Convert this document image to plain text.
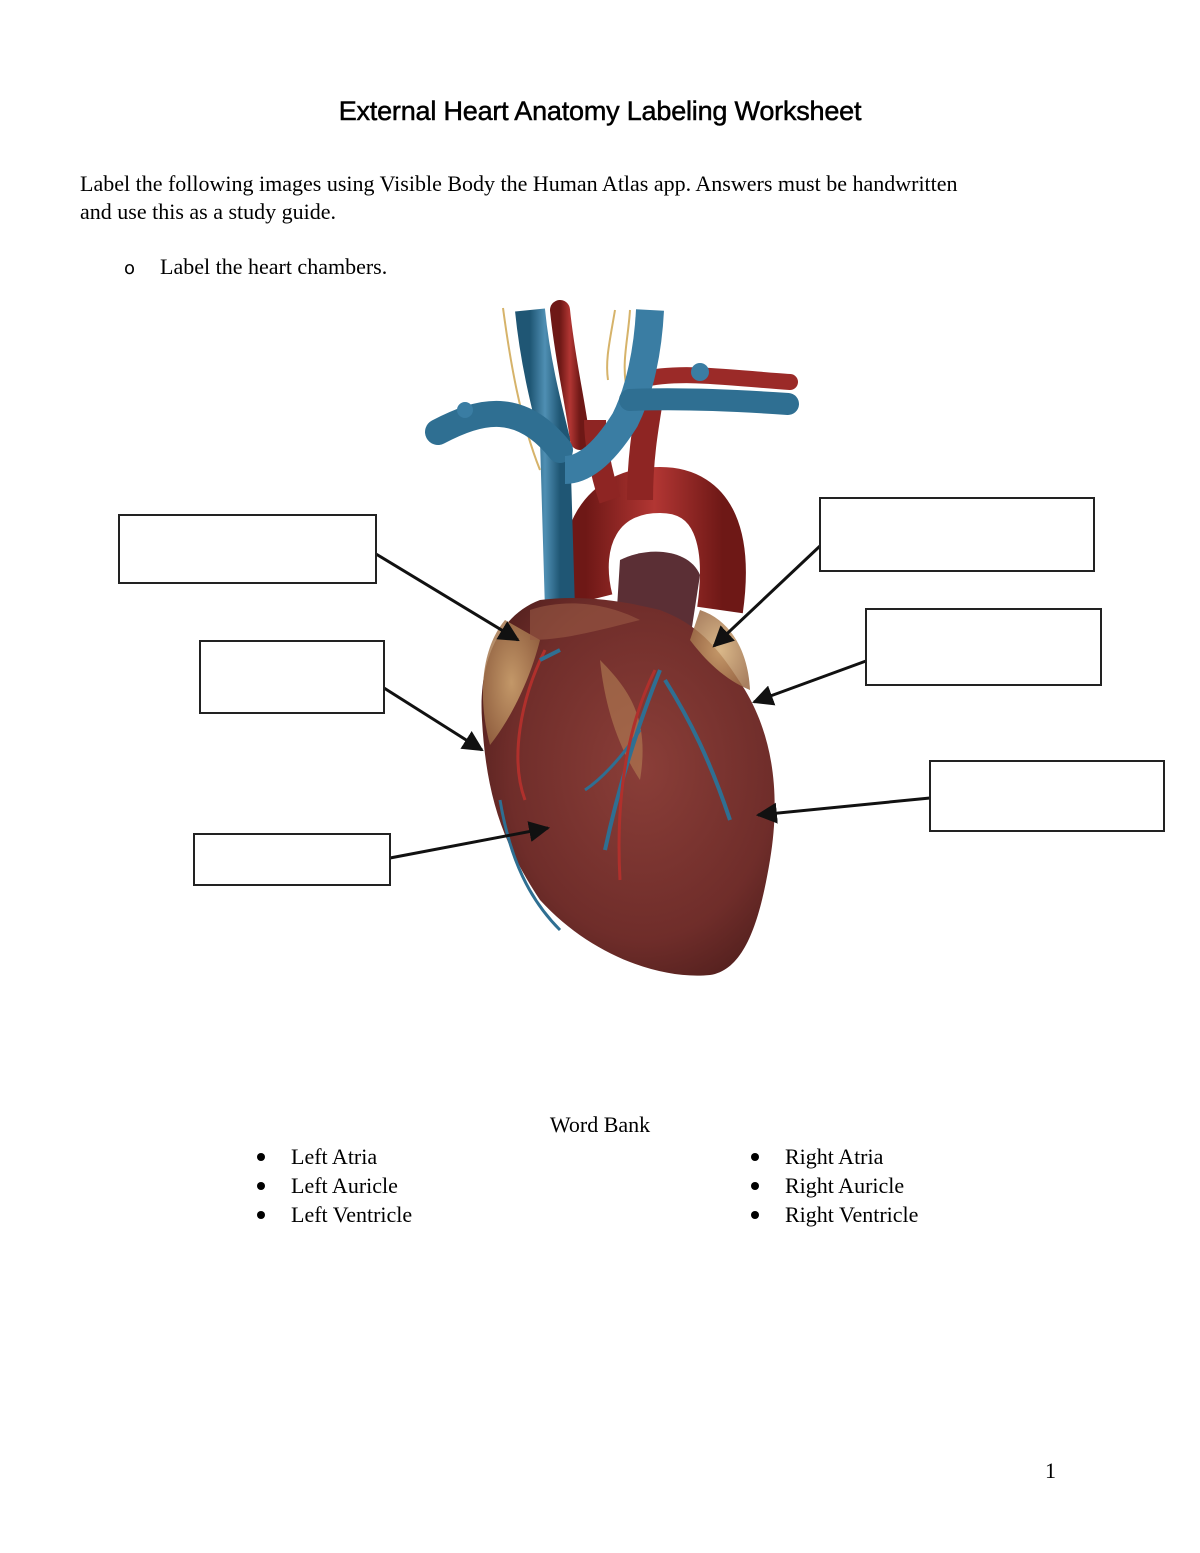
External Heart Anatomy Labeling Worksheet
Label the following images using Visible Body the Human Atlas app. Answers must be handwritten and use this as a study guide.
o Label the heart chambers.
Word Bank
Left Atria
Left Auricle
Left Ventricle
Right Atria
Right Auricle
Right Ventricle
1
